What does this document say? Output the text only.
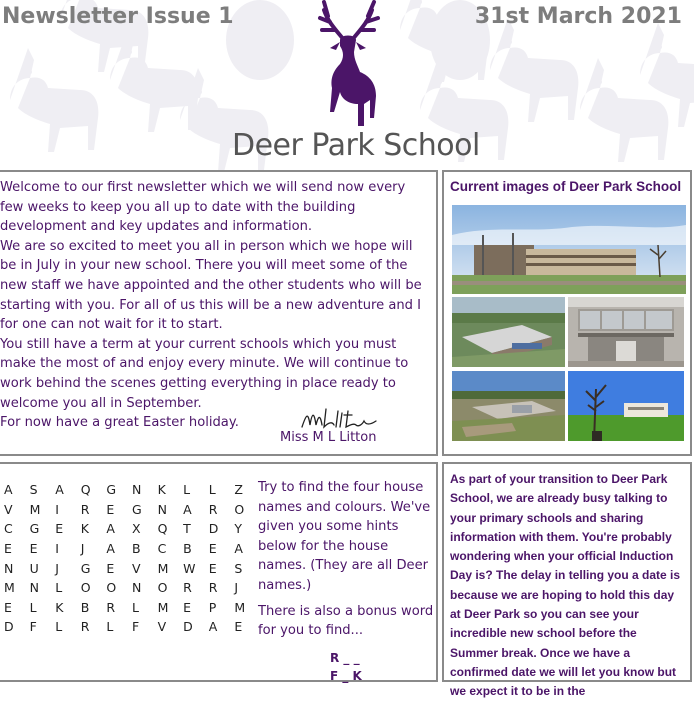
Newsletter Issue 1	31st March 2021
Deer Park School

Welcome to our first newsletter which we will send now every few weeks to keep you all up to date with the building development and key updates and information.

We are so excited to meet you all in person which we hope will be in July in your new school. There you will meet some of the new staff we have appointed and the other students who will be starting with you. For all of us this will be a new adventure and I for one can not wait for it to start.

You still have a term at your current schools which you must make the most of and enjoy every minute. We will continue to work behind the scenes getting everything in place ready to welcome you all in September.

For now have a great Easter holiday.
Miss M L Litton
Current images of Deer Park School
A	S	A	Q	G	N	K	L	L	Z
V	M	I	R	E	G	N	A	R	O
C	G	E	K	A	X	Q	T	D	Y
E	E	I	J	A	B	C	B	E	A
N	U	J	G	E	V	M	W	E	S
M	N	L	O	O	N	O	R	R	J
E	L	K	B	R	L	M	E	P	M
D	F	L	R	L	F	V	D	A	E

Try to find the four house names and colours. We've given you some hints below for the house names. (They are all Deer names.)

There is also a bonus word for you to find...

R _ _
F _ K

As part of your transition to Deer Park School, we are already busy talking to your primary schools and sharing information with them. You're probably wondering when your official Induction Day is? The delay in telling you a date is because we are hoping to hold this day at Deer Park so you can see your incredible new school before the Summer break. Once we have a confirmed date we will let you know but we expect it to be in the
